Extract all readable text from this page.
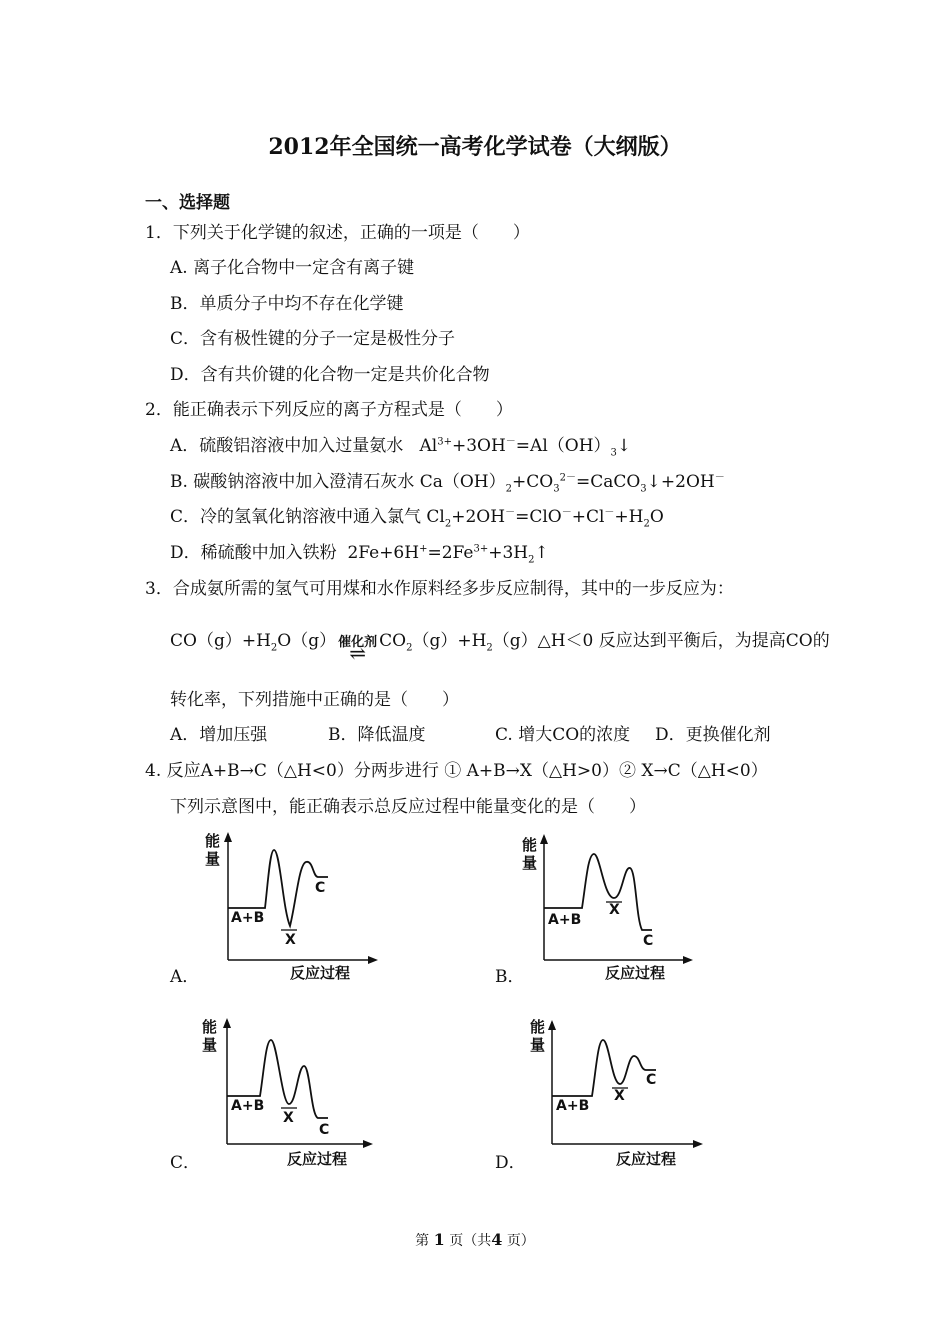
2012年全国统一高考化学试卷（大纲版）
一、选择题
1．下列关于化学键的叙述，正确的一项是（　　）
A. 离子化合物中一定含有离子键
B．单质分子中均不存在化学键
C．含有极性键的分子一定是极性分子
D．含有共价键的化合物一定是共价化合物
2．能正确表示下列反应的离子方程式是（　　）
A．硫酸铝溶液中加入过量氨水   $Al^{3+}+3OH^-=Al(OH)_3↓$
B. 碳酸钠溶液中加入澄清石灰水 $Ca(OH)_2+CO_3^{2-}=CaCO_3↓+2OH^-$
C．冷的氢氧化钠溶液中通入氯气 $Cl_2+2OH^-=ClO^-+Cl^-+H_2O$
D．稀硫酸中加入铁粉  $2Fe+6H^+=2Fe^{3+}+3H_2↑$
3．合成氨所需的氢气可用煤和水作原料经多步反应制得，其中的一步反应为：
$CO(g)+H_2O(g)$ 催化剂 ⇌ $CO_2(g)+H_2(g)\triangle H<0$ 反应达到平衡后，为提高CO的
转化率，下列措施中正确的是（　　）
A．增加压强	B．降低温度	C. 增大CO的浓度 D．更换催化剂
4. 反应A+B→C（△H<0）分两步进行 ① A+B→X（△H>0）② X→C（△H<0）
下列示意图中，能正确表示总反应过程中能量变化的是（　　）
能量
A+B
X
C
反应过程
A．
能量
A+B
X
C
反应过程
B．
能量
A+B
X
C
反应过程
C．
能量
A+B
X
C
反应过程
D．
第 1 页（共4 页）
